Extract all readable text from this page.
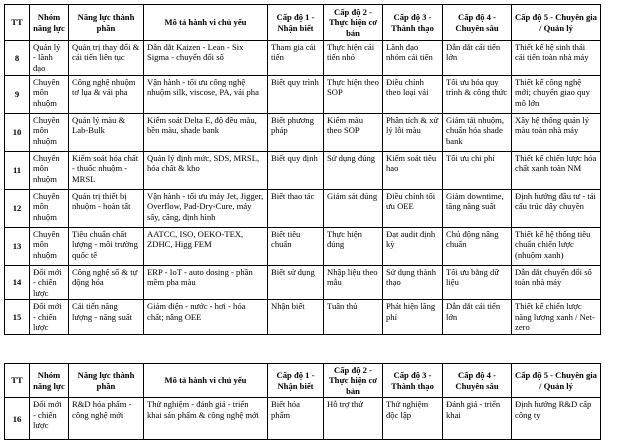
TT	Nhóm năng lực	Năng lực thành phần	Mô tả hành vi chủ yếu	Cấp độ 1 - Nhận biết	Cấp độ 2 - Thực hiện cơ bản	Cấp độ 3 - Thành thạo	Cấp độ 4 - Chuyên sâu	Cấp độ 5 - Chuyên gia / Quản lý
8	Quản lý - lãnh đạo	Quản trị thay đổi & cải tiến liên tục	Dẫn dắt Kaizen - Lean - Six Sigma - chuyển đổi số	Tham gia cải tiến	Thực hiện cải tiến nhỏ	Lãnh đạo nhóm cải tiến	Dẫn dắt cải tiến lớn	Thiết kế hệ sinh thái cải tiến toàn nhà máy
9	Chuyên môn nhuộm	Công nghệ nhuộm tơ lụa & vải pha	Vận hành - tối ưu công nghệ nhuộm silk, viscose, PA, vải pha	Biết quy trình	Thực hiện theo SOP	Điều chỉnh theo loại vải	Tối ưu hóa quy trình & công thức	Thiết kế công nghệ mới; chuyển giao quy mô lớn
10	Chuyên môn nhuộm	Quản lý màu & Lab-Bulk	Kiểm soát Delta E, độ đều màu, bền màu, shade bank	Biết phương pháp	Kiểm màu theo SOP	Phân tích & xử lý lỗi màu	Giảm tái nhuộm, chuẩn hóa shade bank	Xây hệ thống quản lý màu toàn nhà máy
11	Chuyên môn nhuộm	Kiểm soát hóa chất - thuốc nhuộm - MRSL	Quản lý định mức, SDS, MRSL, hóa chất & kho	Biết quy định	Sử dụng đúng	Kiểm soát tiêu hao	Tối ưu chi phí	Thiết kế chiến lược hóa chất xanh toàn NM
12	Chuyên môn nhuộm	Quản trị thiết bị nhuộm - hoàn tất	Vận hành - tối ưu máy Jet, Jigger, Overflow, Pad-Dry-Cure, máy sấy, căng, định hình	Biết thao tác	Giám sát đúng	Điều chỉnh tối ưu OEE	Giảm downtime, tăng năng suất	Định hướng đầu tư - tái cấu trúc dây chuyền
13	Chuyên môn nhuộm	Tiêu chuẩn chất lượng - môi trường quốc tế	AATCC, ISO, OEKO-TEX, ZDHC, Higg FEM	Biết tiêu chuẩn	Thực hiện đúng	Đạt audit định kỳ	Chủ động nâng chuẩn	Thiết kế hệ thống tiêu chuẩn chiến lược (nhuộm xanh)
14	Đổi mới - chiến lược	Công nghệ số & tự động hóa	ERP - IoT - auto dosing - phần mềm pha màu	Biết sử dụng	Nhập liệu theo mẫu	Sử dụng thành thạo	Tối ưu bằng dữ liệu	Dẫn dắt chuyển đổi số toàn nhà máy
15	Đổi mới - chiến lược	Cải tiến năng lượng - năng suất	Giảm điện - nước - hơi - hóa chất; nâng OEE	Nhận biết	Tuân thủ	Phát hiện lãng phí	Dẫn dắt cải tiến lớn	Thiết kế chiến lược năng lượng xanh / Net-zero
TT	Nhóm năng lực	Năng lực thành phần	Mô tả hành vi chủ yếu	Cấp độ 1 - Nhận biết	Cấp độ 2 - Thực hiện cơ bản	Cấp độ 3 - Thành thạo	Cấp độ 4 - Chuyên sâu	Cấp độ 5 - Chuyên gia / Quản lý
16	Đổi mới - chiến lược	R&D hóa phẩm - công nghệ mới	Thử nghiệm - đánh giá - triển khai sản phẩm & công nghệ mới	Biết hóa phẩm	Hỗ trợ thử	Thử nghiệm độc lập	Đánh giá - triển khai	Định hướng R&D cấp công ty
